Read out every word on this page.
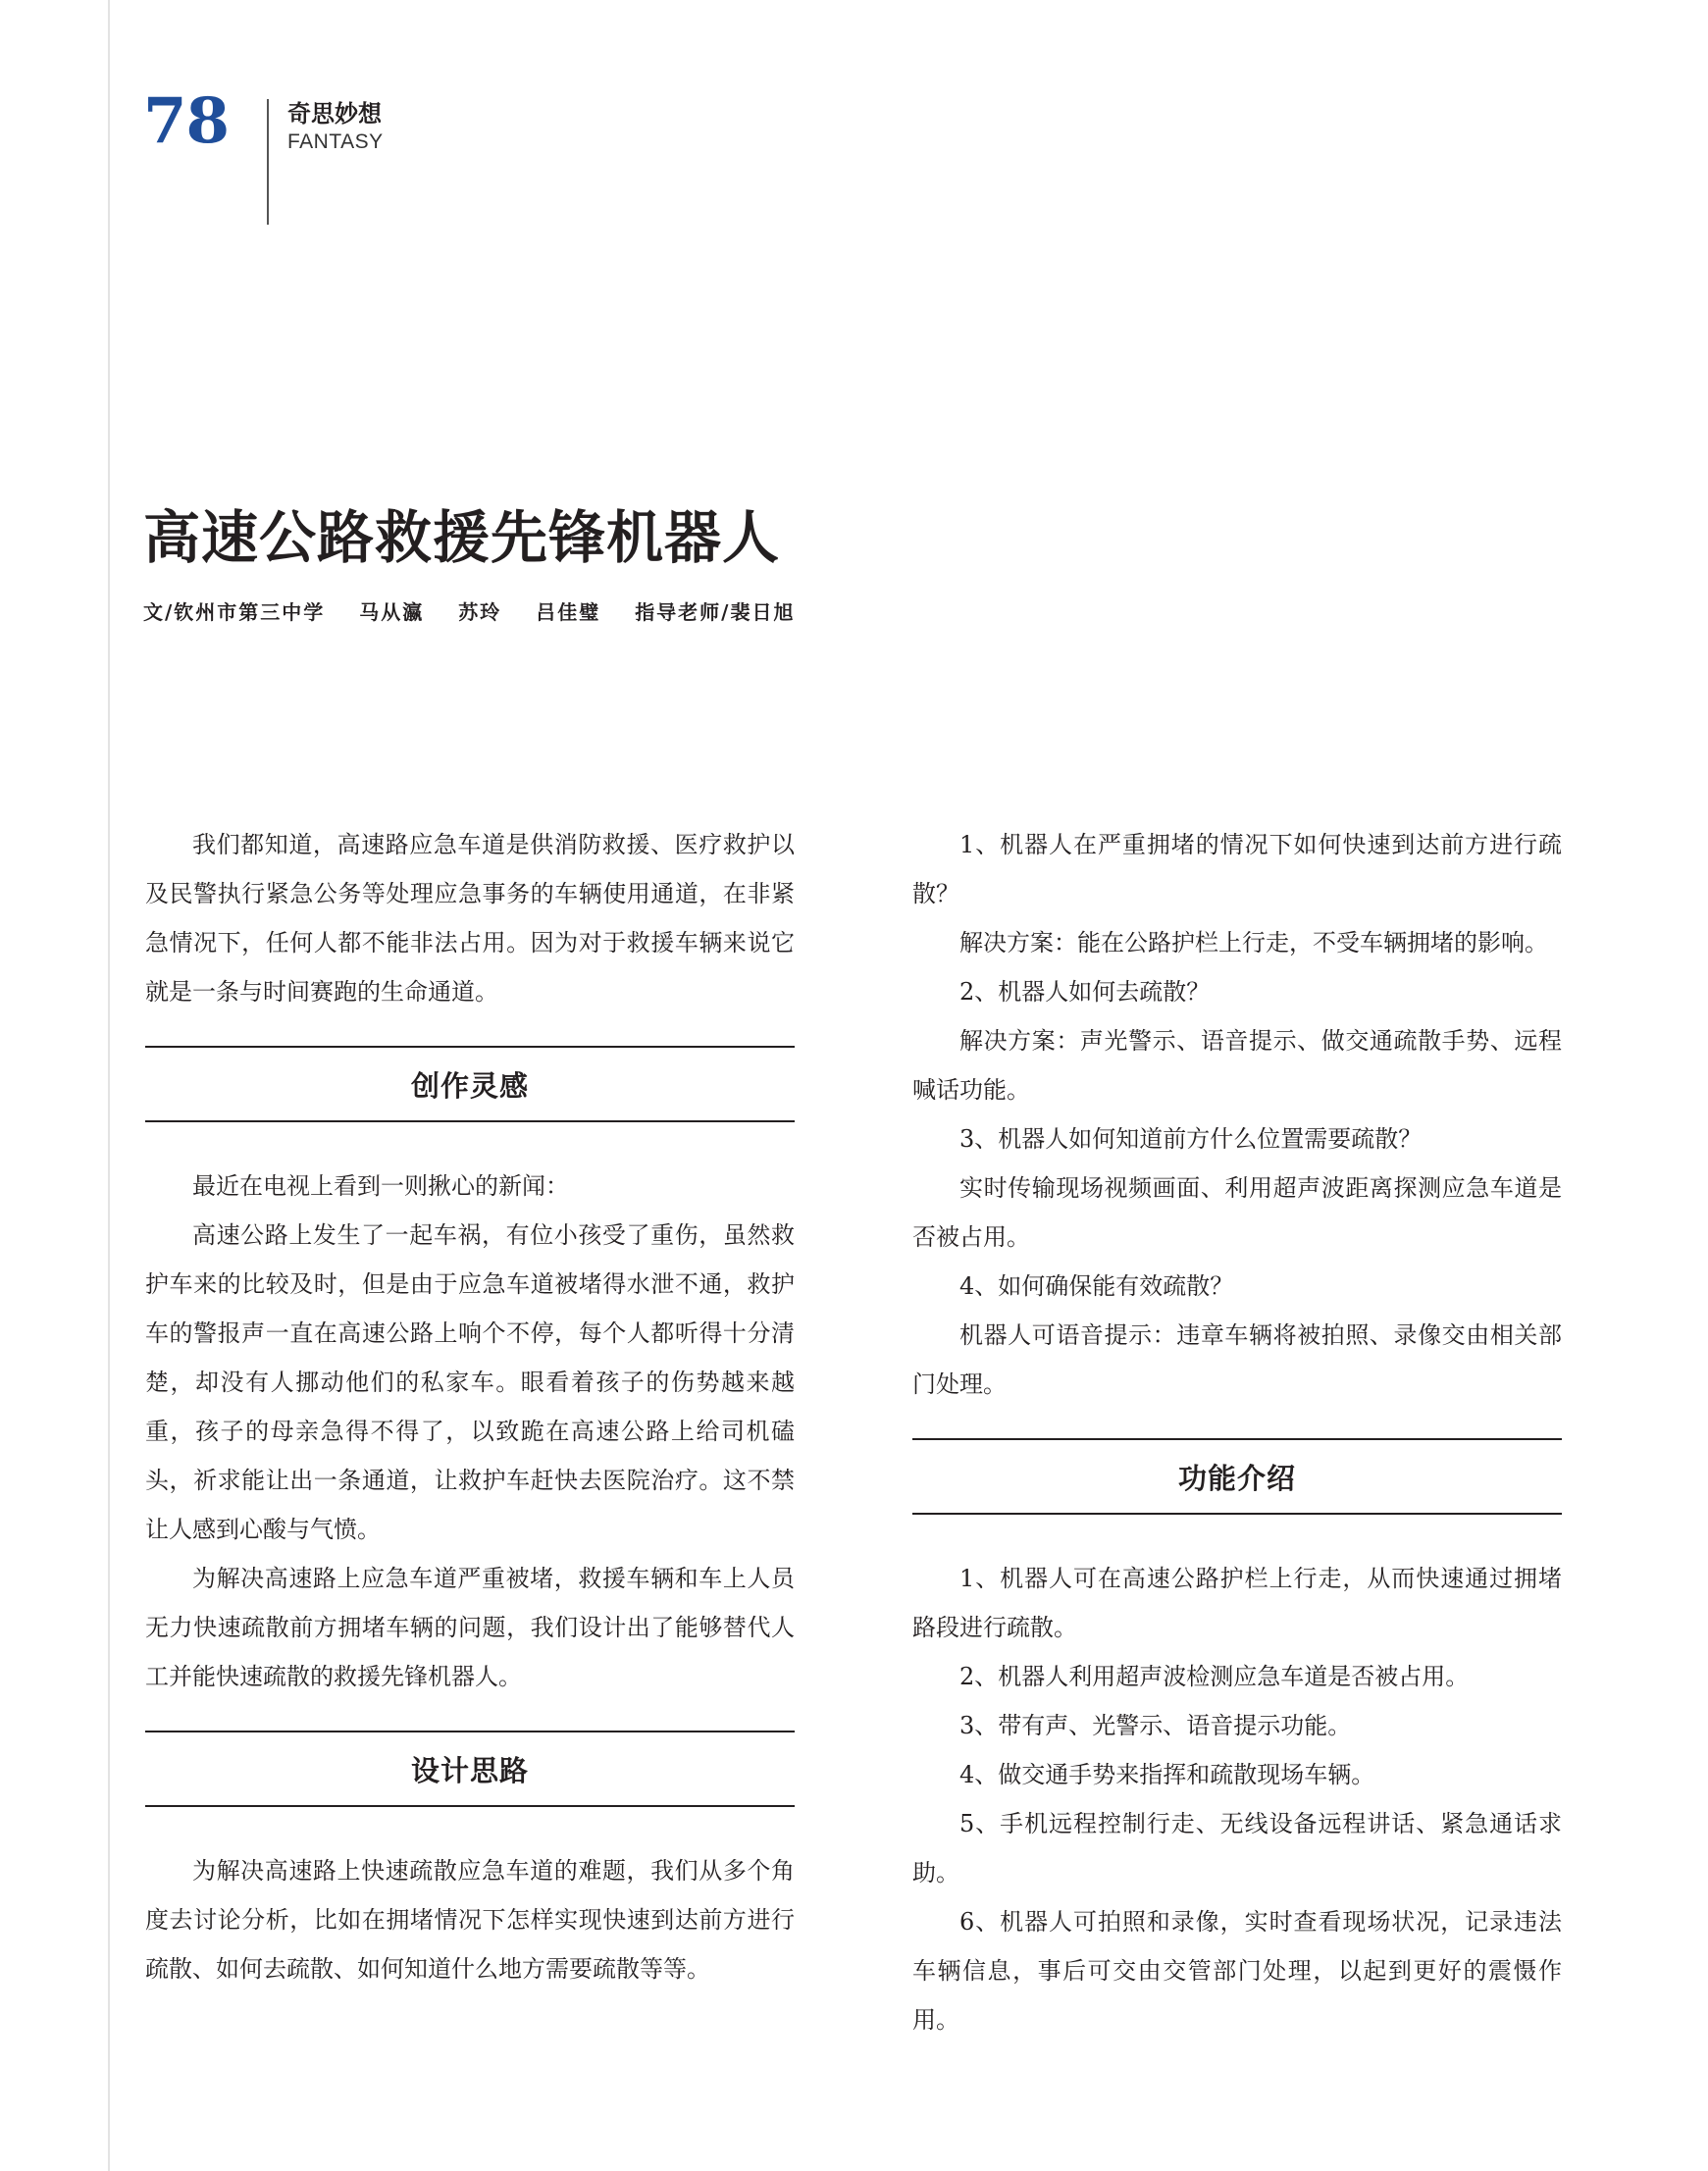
78 奇思妙想
FANTASY
高速公路救援先锋机器人
文/钦州市第三中学 马从瀛 苏玲 吕佳璧 指导老师/裴日旭

我们都知道，高速路应急车道是供消防救援、医疗救护以及民警执行紧急公务等处理应急事务的车辆使用通道，在非紧急情况下，任何人都不能非法占用。因为对于救援车辆来说它就是一条与时间赛跑的生命通道。

创作灵感

最近在电视上看到一则揪心的新闻：

高速公路上发生了一起车祸，有位小孩受了重伤，虽然救护车来的比较及时，但是由于应急车道被堵得水泄不通，救护车的警报声一直在高速公路上响个不停，每个人都听得十分清楚，却没有人挪动他们的私家车。眼看着孩子的伤势越来越重，孩子的母亲急得不得了，以致跪在高速公路上给司机磕头，祈求能让出一条通道，让救护车赶快去医院治疗。这不禁让人感到心酸与气愤。

为解决高速路上应急车道严重被堵，救援车辆和车上人员无力快速疏散前方拥堵车辆的问题，我们设计出了能够替代人工并能快速疏散的救援先锋机器人。

设计思路

为解决高速路上快速疏散应急车道的难题，我们从多个角度去讨论分析，比如在拥堵情况下怎样实现快速到达前方进行疏散、如何去疏散、如何知道什么地方需要疏散等等。

1、机器人在严重拥堵的情况下如何快速到达前方进行疏散？

解决方案：能在公路护栏上行走，不受车辆拥堵的影响。

2、机器人如何去疏散？

解决方案：声光警示、语音提示、做交通疏散手势、远程喊话功能。

3、机器人如何知道前方什么位置需要疏散？

实时传输现场视频画面、利用超声波距离探测应急车道是否被占用。

4、如何确保能有效疏散？

机器人可语音提示：违章车辆将被拍照、录像交由相关部门处理。

功能介绍

1、机器人可在高速公路护栏上行走，从而快速通过拥堵路段进行疏散。

2、机器人利用超声波检测应急车道是否被占用。

3、带有声、光警示、语音提示功能。

4、做交通手势来指挥和疏散现场车辆。

5、手机远程控制行走、无线设备远程讲话、紧急通话求助。

6、机器人可拍照和录像，实时查看现场状况，记录违法车辆信息，事后可交由交管部门处理，以起到更好的震慑作用。
